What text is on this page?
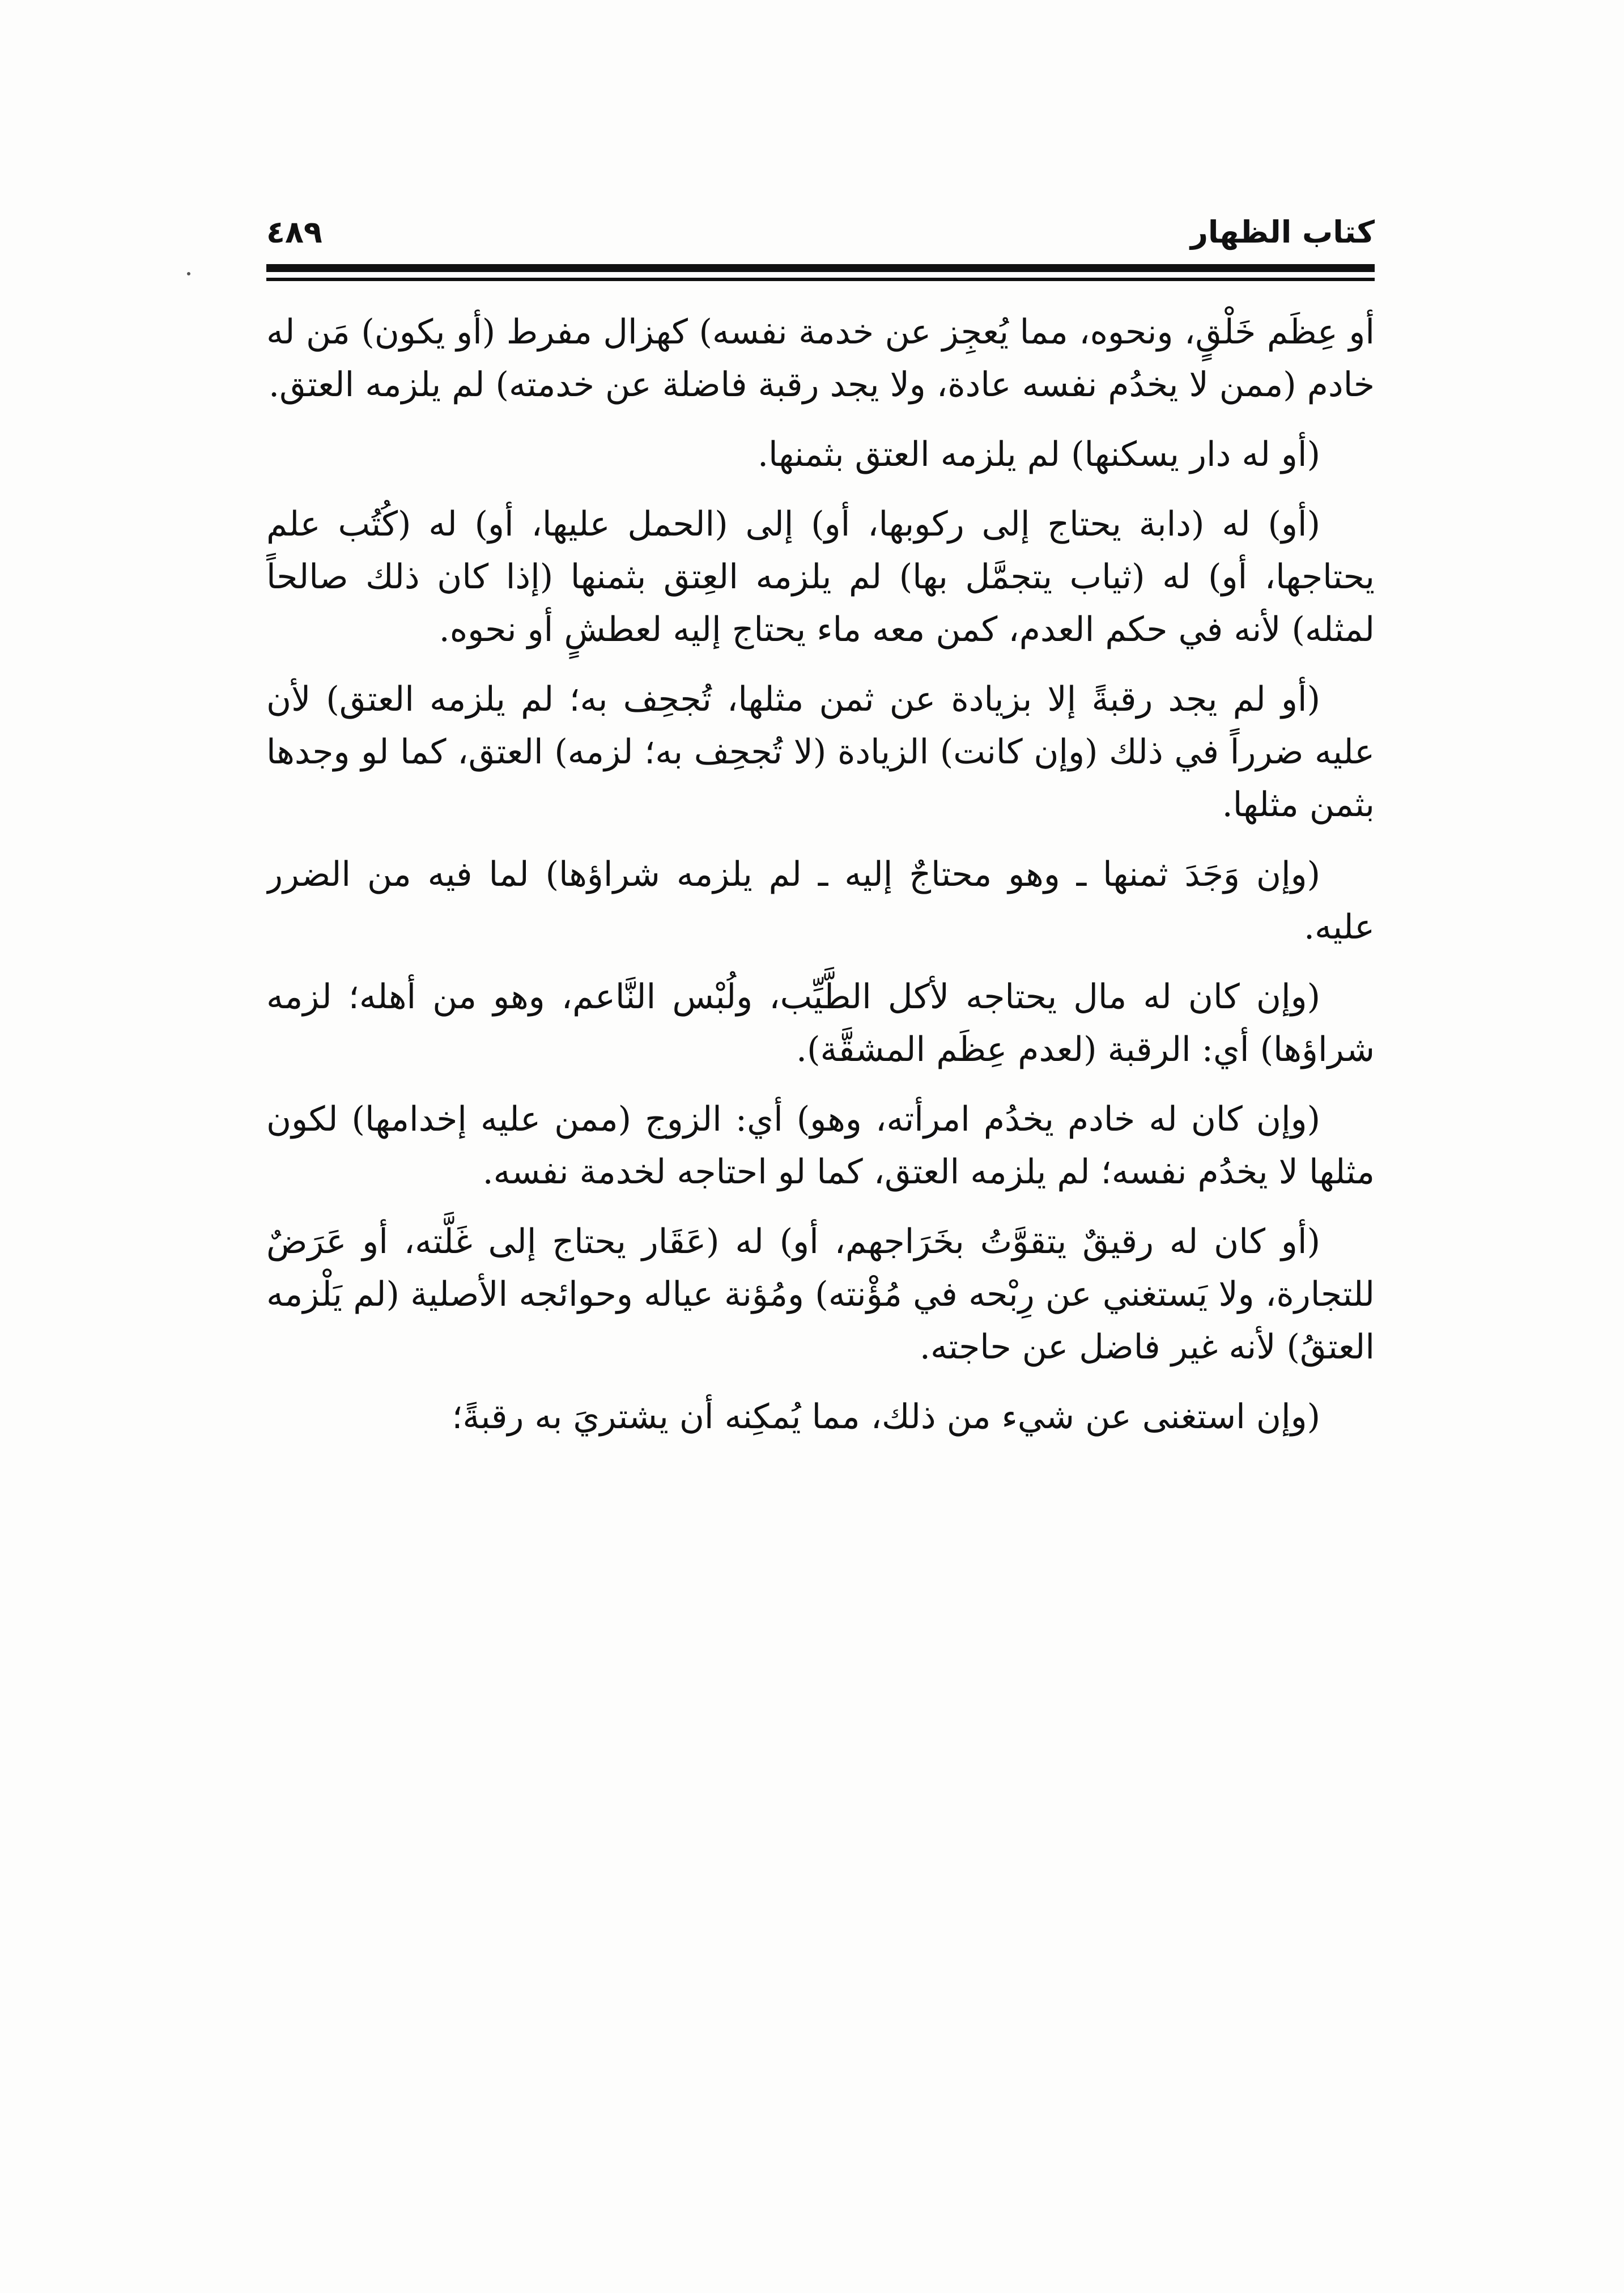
كتاب الظهار
٤٨٩

أو عِظَم خَلْقٍ، ونحوه، مما يُعجِز عن خدمة نفسه) كهزال مفرط (أو يكون) مَن له خادم (ممن لا يخدُم نفسه عادة، ولا يجد رقبة فاضلة عن خدمته) لم يلزمه العتق.

(أو له دار يسكنها) لم يلزمه العتق بثمنها.

(أو) له (دابة يحتاج إلى ركوبها، أو) إلى (الحمل عليها، أو) له (كُتُب علم يحتاجها، أو) له (ثياب يتجمَّل بها) لم يلزمه العِتق بثمنها (إذا كان ذلك صالحاً لمثله) لأنه في حكم العدم، كمن معه ماء يحتاج إليه لعطشٍ أو نحوه.

(أو لم يجد رقبةً إلا بزيادة عن ثمن مثلها، تُجحِف به؛ لم يلزمه العتق) لأن عليه ضرراً في ذلك (وإن كانت) الزيادة (لا تُجحِف به؛ لزمه) العتق، كما لو وجدها بثمن مثلها.

(وإن وَجَدَ ثمنها ـ وهو محتاجٌ إليه ـ لم يلزمه شراؤها) لما فيه من الضرر عليه.

(وإن كان له مال يحتاجه لأكل الطَّيِّب، ولُبْس النَّاعم، وهو من أهله؛ لزمه شراؤها) أي: الرقبة (لعدم عِظَم المشقَّة).

(وإن كان له خادم يخدُم امرأته، وهو) أي: الزوج (ممن عليه إخدامها) لكون مثلها لا يخدُم نفسه؛ لم يلزمه العتق، كما لو احتاجه لخدمة نفسه.

(أو كان له رقيقٌ يتقوَّتُ بخَرَاجهم، أو) له (عَقَار يحتاج إلى غَلَّته، أو عَرَضٌ للتجارة، ولا يَستغني عن رِبْحه في مُؤْنته) ومُؤنة عياله وحوائجه الأصلية (لم يَلْزمه العتقُ) لأنه غير فاضل عن حاجته.

(وإن استغنى عن شيء من ذلك، مما يُمكِنه أن يشتريَ به رقبةً؛
